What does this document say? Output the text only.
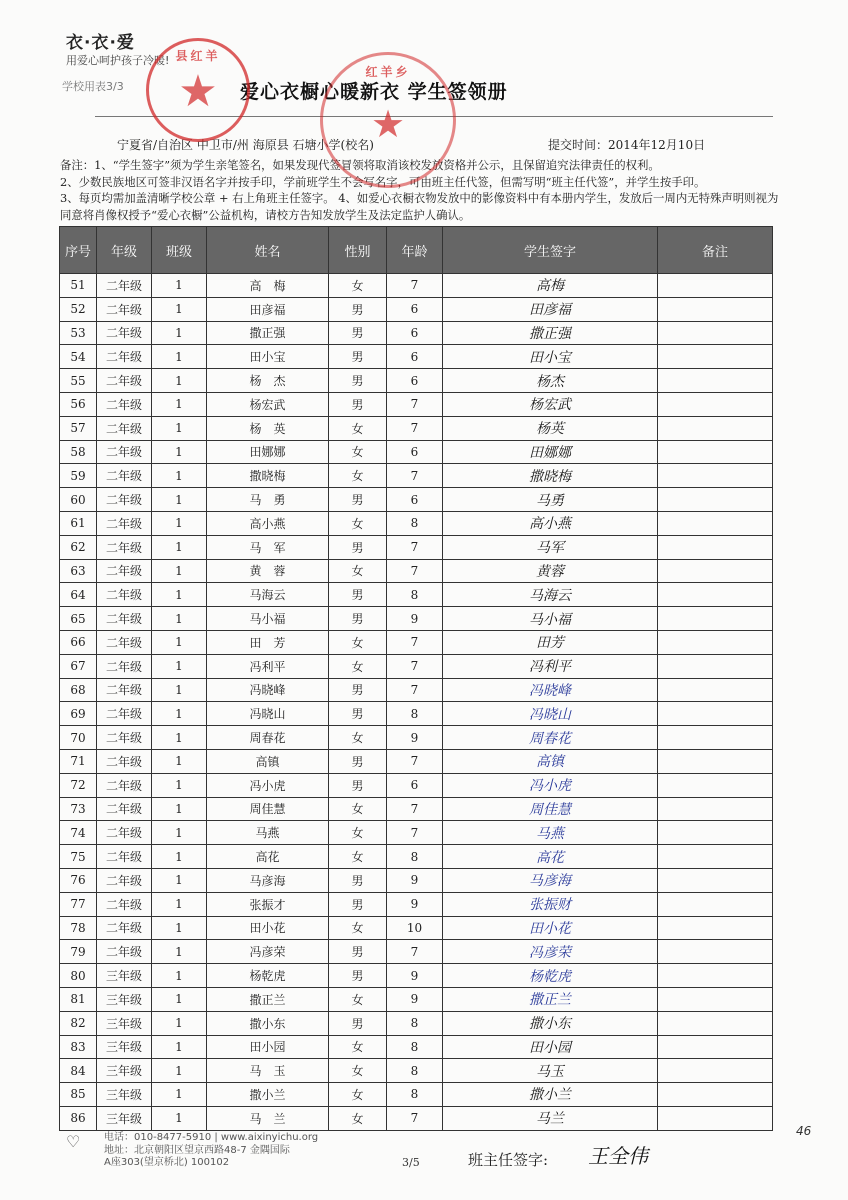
衣·衣·爱
用爱心呵护孩子冷暖!
学校用表3/3	爱心衣橱心暖新衣 学生签领册
宁夏省/自治区 中卫市/州 海原县 石塘小学(校名)	提交时间：2014年12月10日

备注：1、“学生签字”须为学生亲笔签名，如果发现代签冒领将取消该校发放资格并公示，且保留追究法律责任的权利。

2、少数民族地区可签非汉语名字并按手印，学前班学生不会写名字，可由班主任代签，但需写明“班主任代签”，并学生按手印。

3、每页均需加盖清晰学校公章 + 右上角班主任签字。 4、如爱心衣橱衣物发放中的影像资料中有本册内学生，发放后一周内无特殊声明则视为同意将肖像权授予“爱心衣橱”公益机构，请校方告知发放学生及法定监护人确认。

县红羊
★	红羊乡
★
序号	年级	班级	姓名	性别	年龄	学生签字	备注
51	二年级	1	高　梅	女	7	高梅	
52	二年级	1	田彦福	男	6	田彦福	
53	二年级	1	撒正强	男	6	撒正强	
54	二年级	1	田小宝	男	6	田小宝	
55	二年级	1	杨　杰	男	6	杨杰	
56	二年级	1	杨宏武	男	7	杨宏武	
57	二年级	1	杨　英	女	7	杨英	
58	二年级	1	田娜娜	女	6	田娜娜	
59	二年级	1	撒晓梅	女	7	撒晓梅	
60	二年级	1	马　勇	男	6	马勇	
61	二年级	1	高小燕	女	8	高小燕	
62	二年级	1	马　军	男	7	马军	
63	二年级	1	黄　蓉	女	7	黄蓉	
64	二年级	1	马海云	男	8	马海云	
65	二年级	1	马小福	男	9	马小福	
66	二年级	1	田　芳	女	7	田芳	
67	二年级	1	冯利平	女	7	冯利平	
68	二年级	1	冯晓峰	男	7	冯晓峰	
69	二年级	1	冯晓山	男	8	冯晓山	
70	二年级	1	周春花	女	9	周春花	
71	二年级	1	高镇	男	7	高镇	
72	二年级	1	冯小虎	男	6	冯小虎	
73	二年级	1	周佳慧	女	7	周佳慧	
74	二年级	1	马燕	女	7	马燕	
75	二年级	1	高花	女	8	高花	
76	二年级	1	马彦海	男	9	马彦海	
77	二年级	1	张振才	男	9	张振财	
78	二年级	1	田小花	女	10	田小花	
79	二年级	1	冯彦荣	男	7	冯彦荣	
80	三年级	1	杨乾虎	男	9	杨乾虎	
81	三年级	1	撒正兰	女	9	撒正兰	
82	三年级	1	撒小东	男	8	撒小东	
83	三年级	1	田小园	女	8	田小园	
84	三年级	1	马　玉	女	8	马玉	
85	三年级	1	撒小兰	女	8	撒小兰	
86	三年级	1	马　兰	女	7	马兰	
♡ 电话：010-8477-5910 | www.aixinyichu.org

地址：北京朝阳区望京西路48-7 金隅国际

A座303(望京桥北) 100102	3/5	班主任签字: 王全伟
46
